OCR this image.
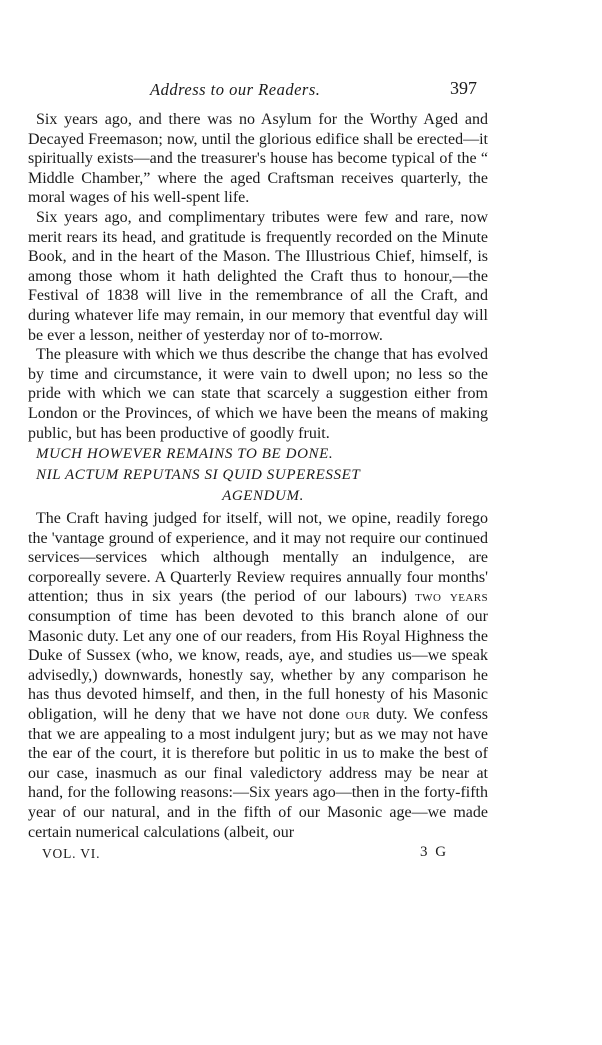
Address to our Readers.	397

Six years ago, and there was no Asylum for the Worthy Aged and Decayed Freemason; now, until the glorious edifice shall be erected—it spiritually exists—and the treasurer's house has become typical of the “ Middle Chamber,” where the aged Craftsman receives quarterly, the moral wages of his well-spent life.

Six years ago, and complimentary tributes were few and rare, now merit rears its head, and gratitude is frequently recorded on the Minute Book, and in the heart of the Mason. The Illustrious Chief, himself, is among those whom it hath delighted the Craft thus to honour,—the Festival of 1838 will live in the remembrance of all the Craft, and during whatever life may remain, in our memory that eventful day will be ever a lesson, neither of yesterday nor of to-morrow.

The pleasure with which we thus describe the change that has evolved by time and circumstance, it were vain to dwell upon; no less so the pride with which we can state that scarcely a suggestion either from London or the Provinces, of which we have been the means of making public, but has been productive of goodly fruit.

MUCH HOWEVER REMAINS TO BE DONE.

NIL ACTUM REPUTANS SI QUID SUPERESSET

AGENDUM.

The Craft having judged for itself, will not, we opine, readily forego the 'vantage ground of experience, and it may not require our continued services—services which although mentally an indulgence, are corporeally severe. A Quarterly Review requires annually four months' attention; thus in six years (the period of our labours) two years consumption of time has been devoted to this branch alone of our Masonic duty. Let any one of our readers, from His Royal Highness the Duke of Sussex (who, we know, reads, aye, and studies us—we speak advisedly,) downwards, honestly say, whether by any comparison he has thus devoted himself, and then, in the full honesty of his Masonic obligation, will he deny that we have not done our duty. We confess that we are appealing to a most indulgent jury; but as we may not have the ear of the court, it is therefore but politic in us to make the best of our case, inasmuch as our final valedictory address may be near at hand, for the following reasons:—Six years ago—then in the forty-fifth year of our natural, and in the fifth of our Masonic age—we made certain numerical calculations (albeit, our

VOL. VI.	3 G
